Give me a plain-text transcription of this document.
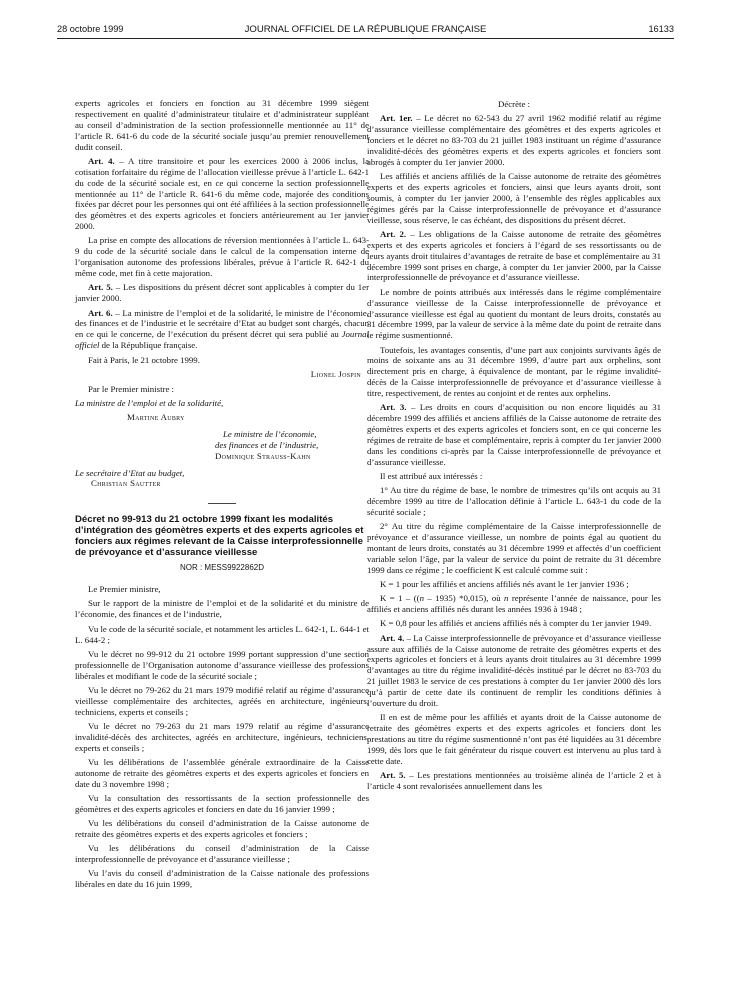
28 octobre 1999	JOURNAL OFFICIEL DE LA RÉPUBLIQUE FRANÇAISE	16133

experts agricoles et fonciers en fonction au 31 décembre 1999 siègent respectivement en qualité d’administrateur titulaire et d’administrateur suppléant au conseil d’administration de la section professionnelle mentionnée au 11° de l’article R. 641-6 du code de la sécurité sociale jusqu’au premier renouvellement dudit conseil.

Art. 4. – A titre transitoire et pour les exercices 2000 à 2006 inclus, la cotisation forfaitaire du régime de l’allocation vieillesse prévue à l’article L. 642-1 du code de la sécurité sociale est, en ce qui concerne la section professionnelle mentionnée au 11° de l’article R. 641-6 du même code, majorée des conditions fixées par décret pour les personnes qui ont été affiliées à la section professionnelle des géomètres et des experts agricoles et fonciers antérieurement au 1er janvier 2000.

La prise en compte des allocations de réversion mentionnées à l’article L. 643-9 du code de la sécurité sociale dans le calcul de la compensation interne de l’organisation autonome des professions libérales, prévue à l’article R. 642-1 du même code, met fin à cette majoration.

Art. 5. – Les dispositions du présent décret sont applicables à compter du 1er janvier 2000.

Art. 6. – La ministre de l’emploi et de la solidarité, le ministre de l’économie, des finances et de l’industrie et le secrétaire d’Etat au budget sont chargés, chacun en ce qui le concerne, de l’exécution du présent décret qui sera publié au Journal officiel de la République française.

Fait à Paris, le 21 octobre 1999.

Lionel Jospin

Par le Premier ministre :

La ministre de l’emploi et de la solidarité,

Martine Aubry

Le ministre de l’économie,

des finances et de l’industrie,

Dominique Strauss-Kahn

Le secrétaire d’Etat au budget,

Christian Sautter

Décret no 99-913 du 21 octobre 1999 fixant les modalités d’intégration des géomètres experts et des experts agricoles et fonciers aux régimes relevant de la Caisse interprofessionnelle de prévoyance et d’assurance vieillesse

NOR : MESS9922862D

Le Premier ministre,

Sur le rapport de la ministre de l’emploi et de la solidarité et du ministre de l’économie, des finances et de l’industrie,

Vu le code de la sécurité sociale, et notamment les articles L. 642-1, L. 644-1 et L. 644-2 ;

Vu le décret no 99-912 du 21 octobre 1999 portant suppression d’une section professionnelle de l’Organisation autonome d’assurance vieillesse des professions libérales et modifiant le code de la sécurité sociale ;

Vu le décret no 79-262 du 21 mars 1979 modifié relatif au régime d’assurance vieillesse complémentaire des architectes, agréés en architecture, ingénieurs, techniciens, experts et conseils ;

Vu le décret no 79-263 du 21 mars 1979 relatif au régime d’assurance invalidité-décès des architectes, agréés en architecture, ingénieurs, techniciens, experts et conseils ;

Vu les délibérations de l’assemblée générale extraordinaire de la Caisse autonome de retraite des géomètres experts et des experts agricoles et fonciers en date du 3 novembre 1998 ;

Vu la consultation des ressortissants de la section professionnelle des géomètres et des experts agricoles et fonciers en date du 16 janvier 1999 ;

Vu les délibérations du conseil d’administration de la Caisse autonome de retraite des géomètres experts et des experts agricoles et fonciers ;

Vu les délibérations du conseil d’administration de la Caisse interprofessionnelle de prévoyance et d’assurance vieillesse ;

Vu l’avis du conseil d’administration de la Caisse nationale des professions libérales en date du 16 juin 1999,

Décrète :

Art. 1er. – Le décret no 62-543 du 27 avril 1962 modifié relatif au régime d’assurance vieillesse complémentaire des géomètres et des experts agricoles et fonciers et le décret no 83-703 du 21 juillet 1983 instituant un régime d’assurance invalidité-décès des géomètres experts et des experts agricoles et fonciers sont abrogés à compter du 1er janvier 2000.

Les affiliés et anciens affiliés de la Caisse autonome de retraite des géomètres experts et des experts agricoles et fonciers, ainsi que leurs ayants droit, sont soumis, à compter du 1er janvier 2000, à l’ensemble des règles applicables aux régimes gérés par la Caisse interprofessionnelle de prévoyance et d’assurance vieillesse, sous réserve, le cas échéant, des dispositions du présent décret.

Art. 2. – Les obligations de la Caisse autonome de retraite des géomètres experts et des experts agricoles et fonciers à l’égard de ses ressortissants ou de leurs ayants droit titulaires d’avantages de retraite de base et complémentaire au 31 décembre 1999 sont prises en charge, à compter du 1er janvier 2000, par la Caisse interprofessionnelle de prévoyance et d’assurance vieillesse.

Le nombre de points attribués aux intéressés dans le régime complémentaire d’assurance vieillesse de la Caisse interprofessionnelle de prévoyance et d’assurance vieillesse est égal au quotient du montant de leurs droits, constatés au 31 décembre 1999, par la valeur de service à la même date du point de retraite dans le régime susmentionné.

Toutefois, les avantages consentis, d’une part aux conjoints survivants âgés de moins de soixante ans au 31 décembre 1999, d’autre part aux orphelins, sont directement pris en charge, à équivalence de montant, par le régime invalidité-décès de la Caisse interprofessionnelle de prévoyance et d’assurance vieillesse à titre, respectivement, de rentes au conjoint et de rentes aux orphelins.

Art. 3. – Les droits en cours d’acquisition ou non encore liquidés au 31 décembre 1999 des affiliés et anciens affiliés de la Caisse autonome de retraite des géomètres experts et des experts agricoles et fonciers sont, en ce qui concerne les régimes de retraite de base et complémentaire, repris à compter du 1er janvier 2000 dans les conditions ci-après par la Caisse interprofessionnelle de prévoyance et d’assurance vieillesse.

Il est attribué aux intéressés :

1° Au titre du régime de base, le nombre de trimestres qu’ils ont acquis au 31 décembre 1999 au titre de l’allocation définie à l’article L. 643-1 du code de la sécurité sociale ;

2° Au titre du régime complémentaire de la Caisse interprofessionnelle de prévoyance et d’assurance vieillesse, un nombre de points égal au quotient du montant de leurs droits, constatés au 31 décembre 1999 et affectés d’un coefficient variable selon l’âge, par la valeur de service du point de retraite du 31 décembre 1999 dans ce régime ; le coefficient K est calculé comme suit :

K = 1 pour les affiliés et anciens affiliés nés avant le 1er janvier 1936 ;

K = 1 – ((n – 1935) *0,015), où n représente l’année de naissance, pour les affiliés et anciens affiliés nés durant les années 1936 à 1948 ;

K = 0,8 pour les affiliés et anciens affiliés nés à compter du 1er janvier 1949.

Art. 4. – La Caisse interprofessionnelle de prévoyance et d’assurance vieillesse assure aux affiliés de la Caisse autonome de retraite des géomètres experts et des experts agricoles et fonciers et à leurs ayants droit titulaires au 31 décembre 1999 d’avantages au titre du régime invalidité-décès institué par le décret no 83-703 du 21 juillet 1983 le service de ces prestations à compter du 1er janvier 2000 dès lors qu’à partir de cette date ils continuent de remplir les conditions définies à l’ouverture du droit.

Il en est de même pour les affiliés et ayants droit de la Caisse autonome de retraite des géomètres experts et des experts agricoles et fonciers dont les prestations au titre du régime susmentionné n’ont pas été liquidées au 31 décembre 1999, dès lors que le fait générateur du risque couvert est intervenu au plus tard à cette date.

Art. 5. – Les prestations mentionnées au troisième alinéa de l’article 2 et à l’article 4 sont revalorisées annuellement dans les
